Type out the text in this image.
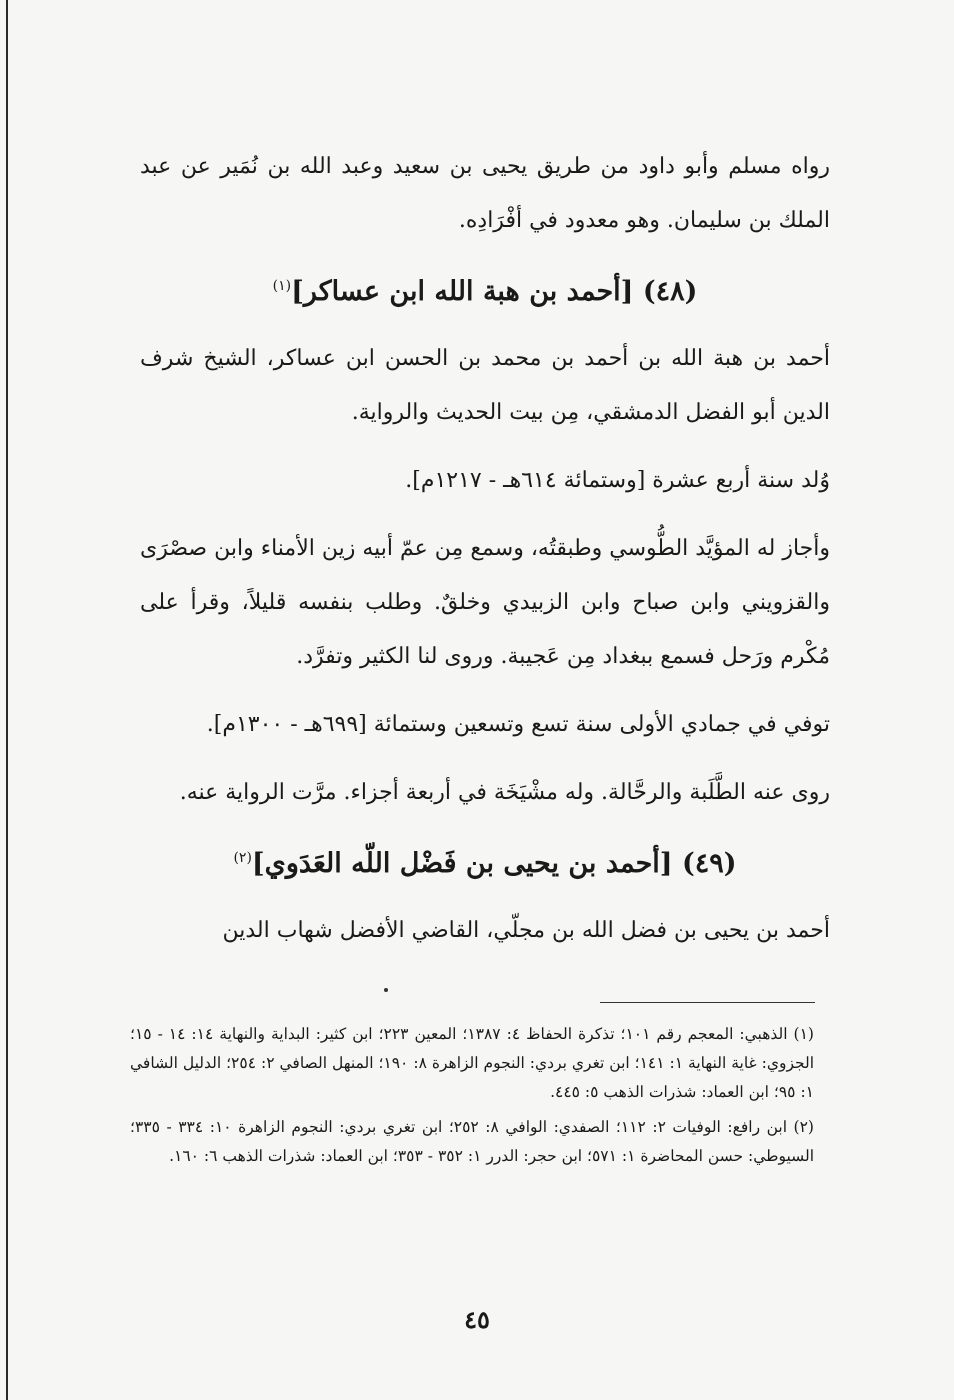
رواه مسلم وأبو داود من طريق يحيى بن سعيد وعبد الله بن نُمَير عن عبد الملك بن سليمان. وهو معدود في أفْرَادِه.

(٤٨) [أحمد بن هبة الله ابن عساكر]$^{(١)}$

أحمد بن هبة الله بن أحمد بن محمد بن الحسن ابن عساكر، الشيخ شرف الدين أبو الفضل الدمشقي، مِن بيت الحديث والرواية.

وُلد سنة أربع عشرة [وستمائة ٦١٤هـ - ١٢١٧م].

وأجاز له المؤيَّد الطُّوسي وطبقتُه، وسمع مِن عمّ أبيه زين الأمناء وابن صصْرَى والقزويني وابن صباح وابن الزبيدي وخلقٌ. وطلب بنفسه قليلاً، وقرأ على مُكْرم ورَحل فسمع ببغداد مِن عَجيبة. وروى لنا الكثير وتفرَّد.

توفي في جمادي الأولى سنة تسع وتسعين وستمائة [٦٩٩هـ - ١٣٠٠م].

روى عنه الطَّلَبة والرحَّالة. وله مشْيَخَة في أربعة أجزاء. مرَّت الرواية عنه.

(٤٩) [أحمد بن يحيى بن فَضْل اللّه العَدَوي]$^{(٢)}$

أحمد بن يحيى بن فضل الله بن مجلّي، القاضي الأفضل شهاب الدين

(١) الذهبي: المعجم رقم ١٠١؛ تذكرة الحفاظ ٤: ١٣٨٧؛ المعين ٢٢٣؛ ابن كثير: البداية والنهاية ١٤: ١٤ - ١٥؛ الجزوي: غاية النهاية ١: ١٤١؛ ابن تغري بردي: النجوم الزاهرة ٨: ١٩٠؛ المنهل الصافي ٢: ٢٥٤؛ الدليل الشافي ١: ٩٥؛ ابن العماد: شذرات الذهب ٥: ٤٤٥.

(٢) ابن رافع: الوفيات ٢: ١١٢؛ الصفدي: الوافي ٨: ٢٥٢؛ ابن تغري بردي: النجوم الزاهرة ١٠: ٣٣٤ - ٣٣٥؛ السيوطي: حسن المحاضرة ١: ٥٧١؛ ابن حجر: الدرر ١: ٣٥٢ - ٣٥٣؛ ابن العماد: شذرات الذهب ٦: ١٦٠.

٤٥
